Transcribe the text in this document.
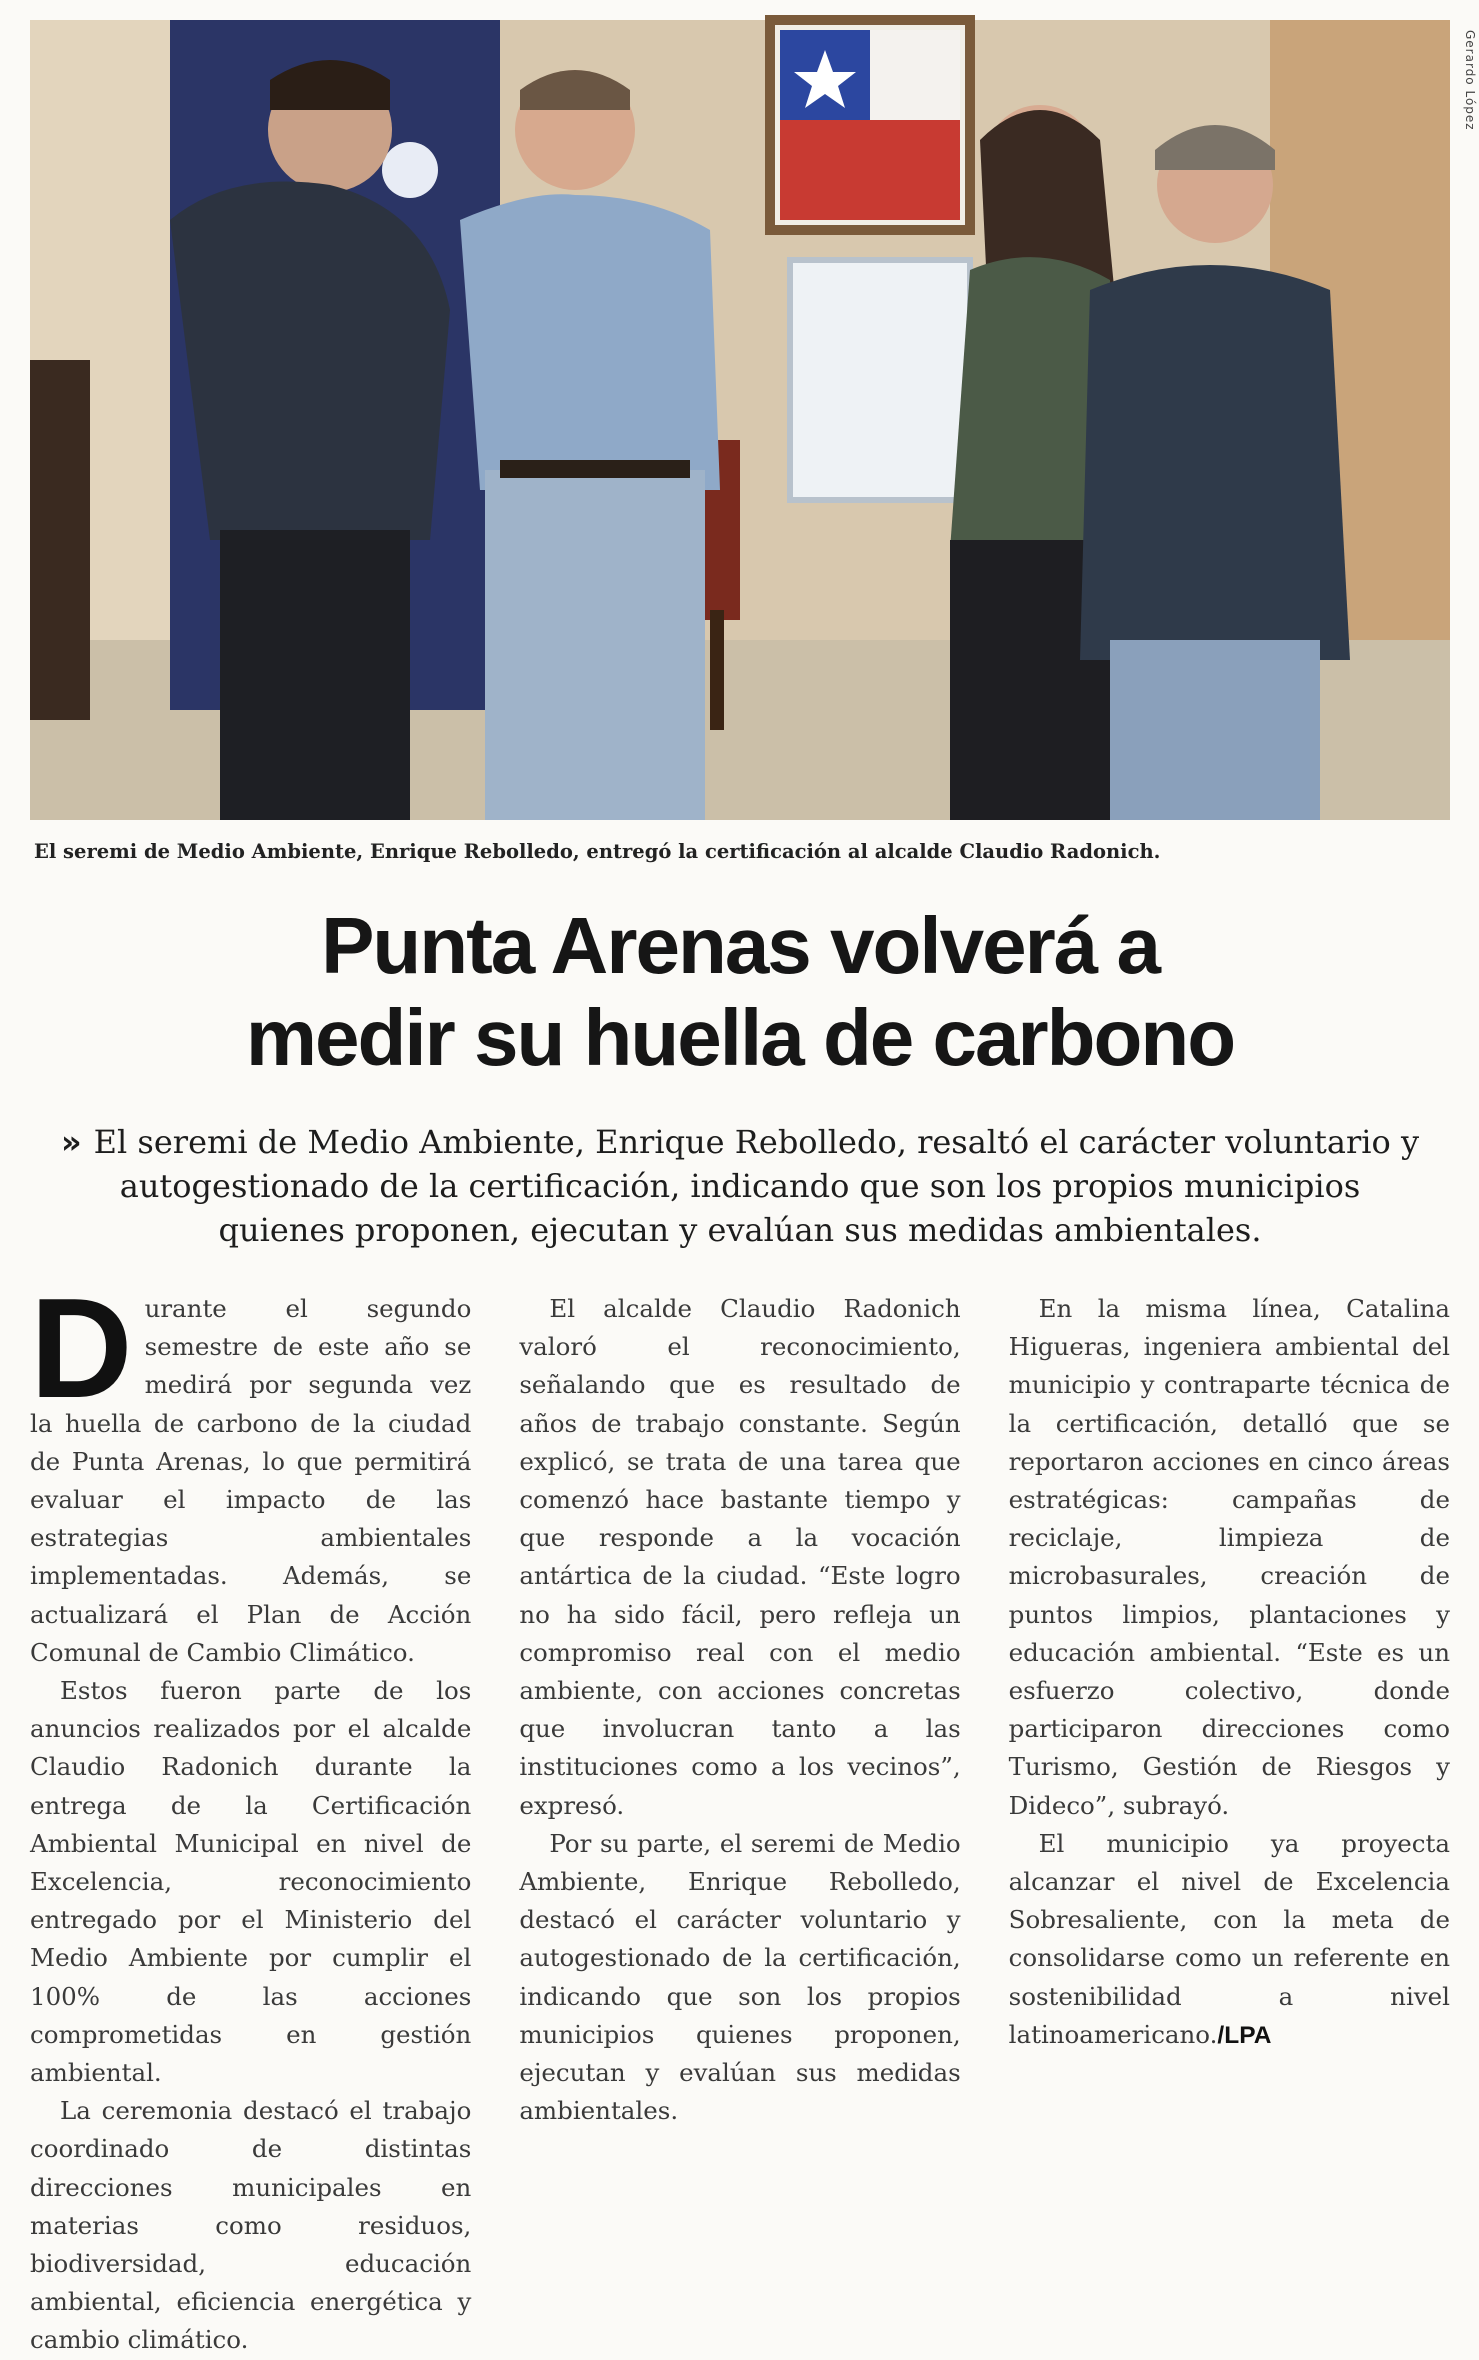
Gerardo López
El seremi de Medio Ambiente, Enrique Rebolledo, entregó la certificación al alcalde Claudio Radonich.
Punta Arenas volverá a
medir su huella de carbono
» El seremi de Medio Ambiente, Enrique Rebolledo, resaltó el carácter voluntario y autogestionado de la certificación, indicando que son los propios municipios quienes proponen, ejecutan y evalúan sus medidas ambientales.

Durante el segundo semestre de este año se medirá por segunda vez la huella de carbono de la ciudad de Punta Arenas, lo que permitirá evaluar el impacto de las estrategias ambientales implementadas. Además, se actualizará el Plan de Acción Comunal de Cambio Climático.

Estos fueron parte de los anuncios realizados por el alcalde Claudio Radonich durante la entrega de la Certificación Ambiental Municipal en nivel de Excelencia, reconocimiento entregado por el Ministerio del Medio Ambiente por cumplir el 100% de las acciones comprometidas en gestión ambiental.

La ceremonia destacó el trabajo coordinado de distintas direcciones municipales en materias como residuos, biodiversidad, educación ambiental, eficiencia energética y cambio climático.

El alcalde Claudio Radonich valoró el reconocimiento, señalando que es resultado de años de trabajo constante. Según explicó, se trata de una tarea que comenzó hace bastante tiempo y que responde a la vocación antártica de la ciudad. “Este logro no ha sido fácil, pero refleja un compromiso real con el medio ambiente, con acciones concretas que involucran tanto a las instituciones como a los vecinos”, expresó.

Por su parte, el seremi de Medio Ambiente, Enrique Rebolledo, destacó el carácter voluntario y autogestionado de la certificación, indicando que son los propios municipios quienes proponen, ejecutan y evalúan sus medidas ambientales.

En la misma línea, Catalina Higueras, ingeniera ambiental del municipio y contraparte técnica de la certificación, detalló que se reportaron acciones en cinco áreas estratégicas: campañas de reciclaje, limpieza de microbasurales, creación de puntos limpios, plantaciones y educación ambiental. “Este es un esfuerzo colectivo, donde participaron direcciones como Turismo, Gestión de Riesgos y Dideco”, subrayó.

El municipio ya proyecta alcanzar el nivel de Excelencia Sobresaliente, con la meta de consolidarse como un referente en sostenibilidad a nivel latinoamericano./LPA
